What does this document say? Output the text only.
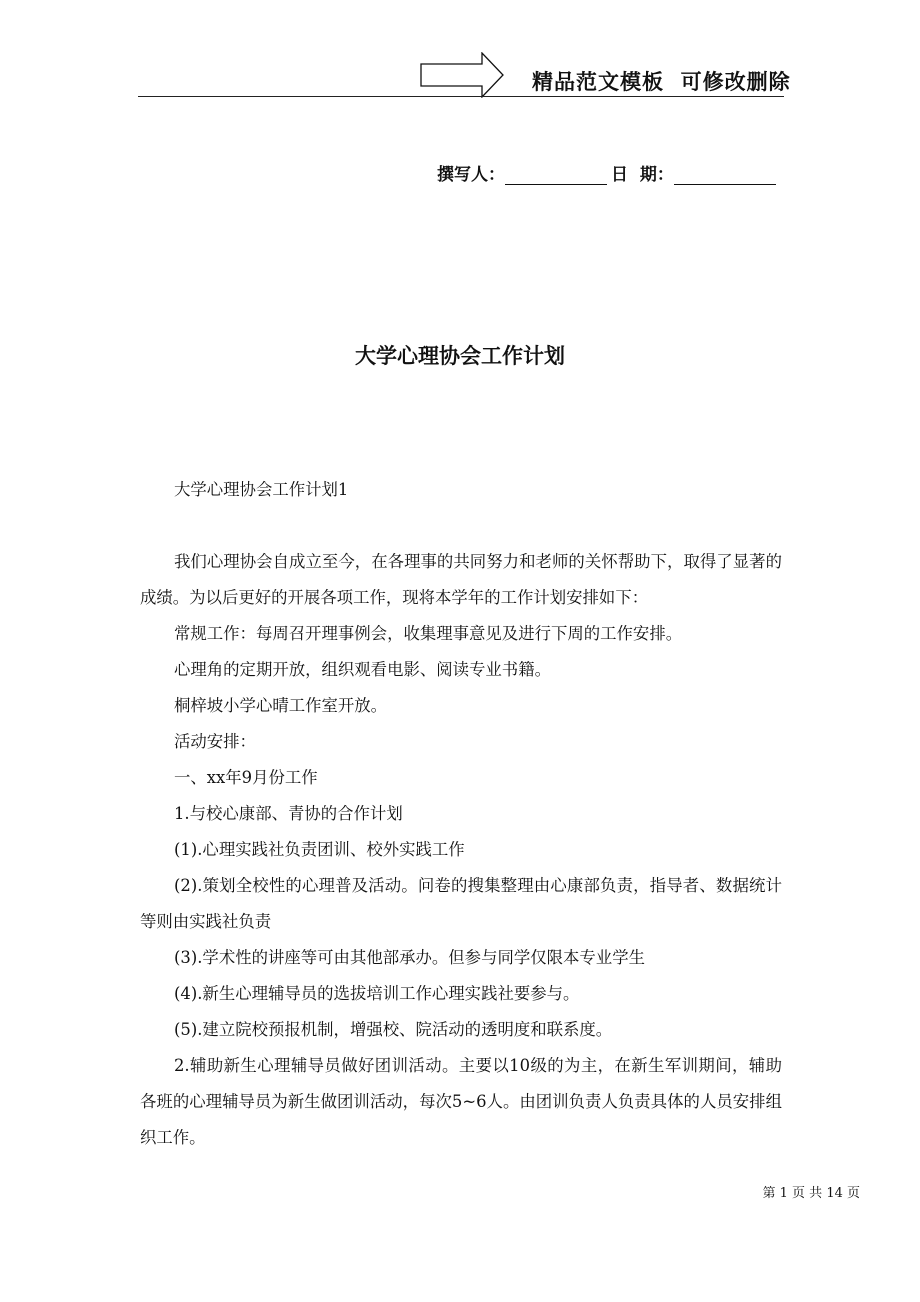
精品范文模板  可修改删除
撰写人：	日  期：
大学心理协会工作计划

大学心理协会工作计划1

我们心理协会自成立至今，在各理事的共同努力和老师的关怀帮助下，取得了显著的成绩。为以后更好的开展各项工作，现将本学年的工作计划安排如下：

常规工作：每周召开理事例会，收集理事意见及进行下周的工作安排。

心理角的定期开放，组织观看电影、阅读专业书籍。

桐梓坡小学心晴工作室开放。

活动安排：

一、xx年9月份工作

1.与校心康部、青协的合作计划

(1).心理实践社负责团训、校外实践工作

(2).策划全校性的心理普及活动。问卷的搜集整理由心康部负责，指导者、数据统计等则由实践社负责

(3).学术性的讲座等可由其他部承办。但参与同学仅限本专业学生

(4).新生心理辅导员的选拔培训工作心理实践社要参与。

(5).建立院校预报机制，增强校、院活动的透明度和联系度。

2.辅助新生心理辅导员做好团训活动。主要以10级的为主，在新生军训期间，辅助各班的心理辅导员为新生做团训活动，每次5~6人。由团训负责人负责具体的人员安排组织工作。

第 1 页 共 14 页
